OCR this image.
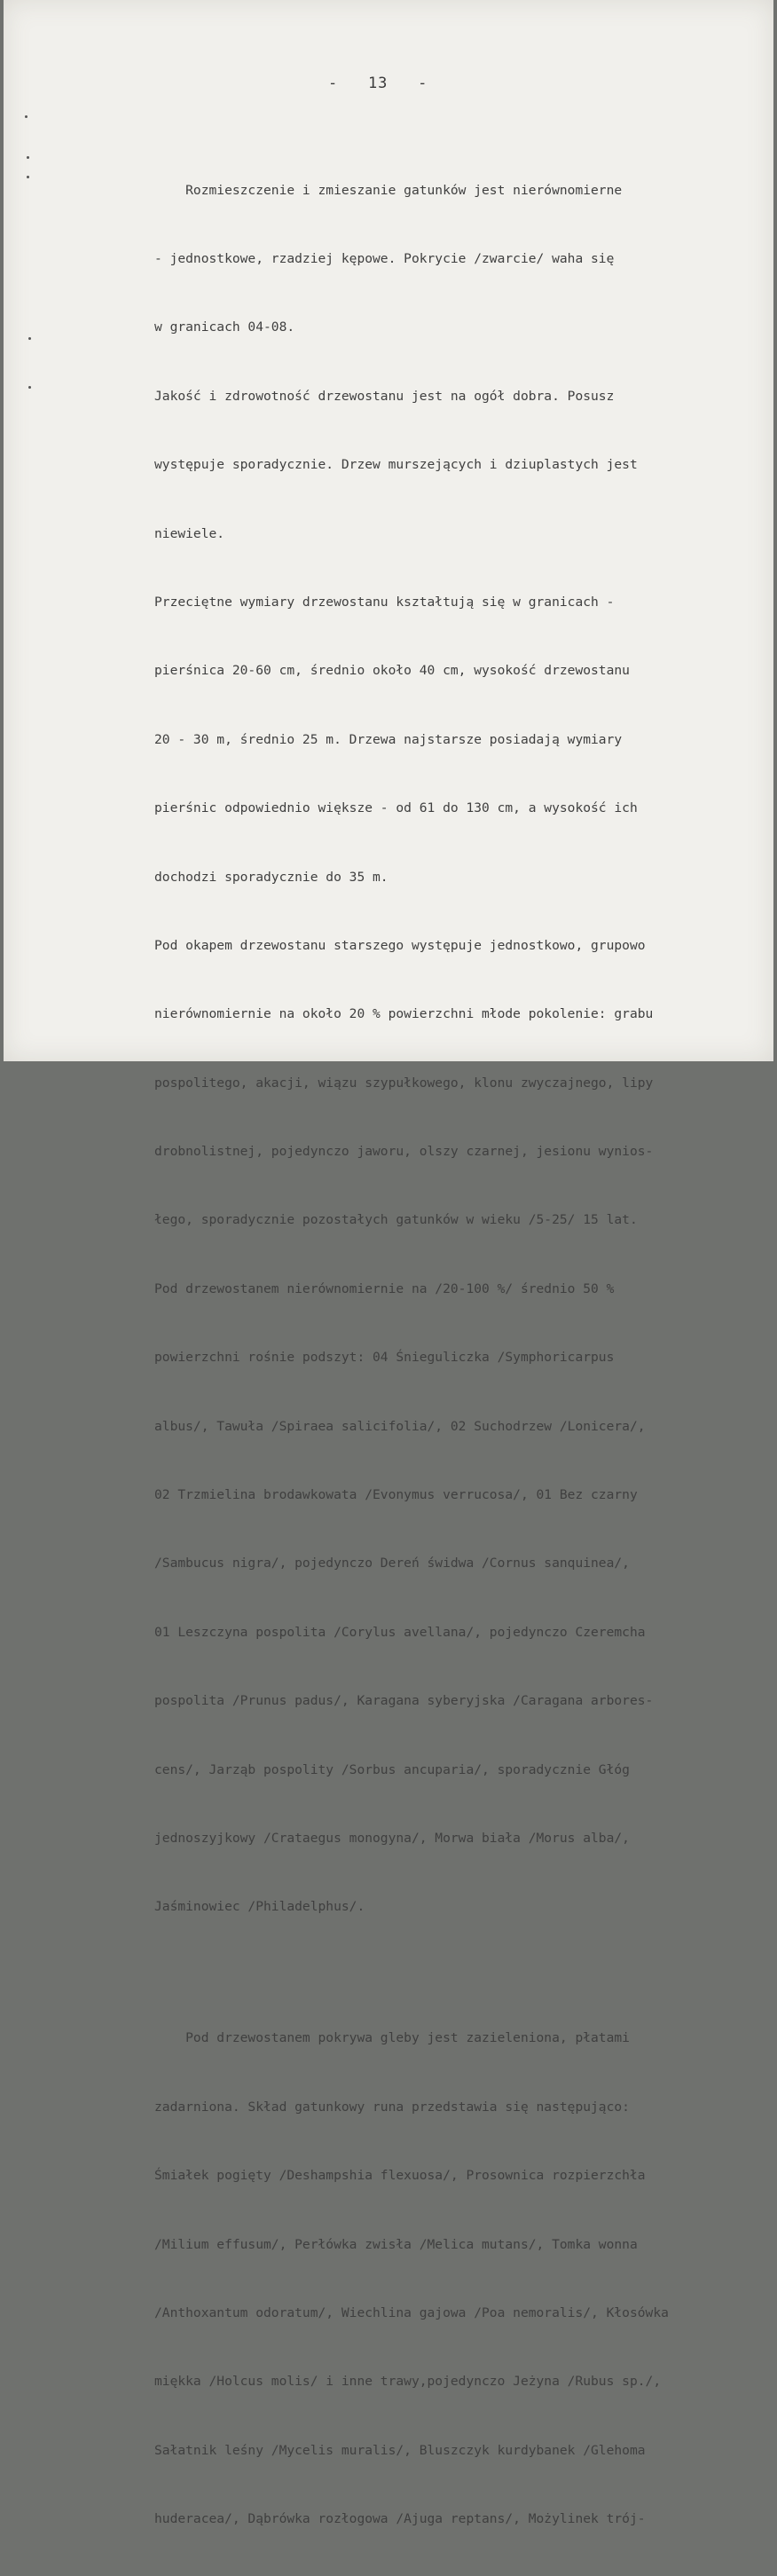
-   13   -

Rozmieszczenie i zmieszanie gatunków jest nierównomierne

- jednostkowe, rzadziej kępowe. Pokrycie /zwarcie/ waha się

w granicach 04-08.

Jakość i zdrowotność drzewostanu jest na ogół dobra. Posusz

występuje sporadycznie. Drzew murszejących i dziuplastych jest

niewiele.

Przeciętne wymiary drzewostanu kształtują się w granicach -

pierśnica 20-60 cm, średnio około 40 cm, wysokość drzewostanu

20 - 30 m, średnio 25 m. Drzewa najstarsze posiadają wymiary

pierśnic odpowiednio większe - od 61 do 130 cm, a wysokość ich

dochodzi sporadycznie do 35 m.

Pod okapem drzewostanu starszego występuje jednostkowo, grupowo

nierównomiernie na około 20 % powierzchni młode pokolenie: grabu

pospolitego, akacji, wiązu szypułkowego, klonu zwyczajnego, lipy

drobnolistnej, pojedynczo jaworu, olszy czarnej, jesionu wynios-

łego, sporadycznie pozostałych gatunków w wieku /5-25/ 15 lat.

Pod drzewostanem nierównomiernie na /20-100 %/ średnio 50 %

powierzchni rośnie podszyt: 04 Śnieguliczka /Symphoricarpus

albus/, Tawuła /Spiraea salicifolia/, 02 Suchodrzew /Lonicera/,

02 Trzmielina brodawkowata /Evonymus verrucosa/, 01 Bez czarny

/Sambucus nigra/, pojedynczo Dereń świdwa /Cornus sanquinea/,

01 Leszczyna pospolita /Corylus avellana/, pojedynczo Czeremcha

pospolita /Prunus padus/, Karagana syberyjska /Caragana arbores-

cens/, Jarząb pospolity /Sorbus ancuparia/, sporadycznie Głóg

jednoszyjkowy /Crataegus monogyna/, Morwa biała /Morus alba/,

Jaśminowiec /Philadelphus/.

Pod drzewostanem pokrywa gleby jest zazieleniona, płatami

zadarniona. Skład gatunkowy runa przedstawia się następująco:

Śmiałek pogięty /Deshampshia flexuosa/, Prosownica rozpierzchła

/Milium effusum/, Perłówka zwisła /Melica mutans/, Tomka wonna

/Anthoxantum odoratum/, Wiechlina gajowa /Poa nemoralis/, Kłosówka

miękka /Holcus molis/ i inne trawy,pojedynczo Jeżyna /Rubus sp./,

Sałatnik leśny /Mycelis muralis/, Bluszczyk kurdybanek /Glehoma

huderacea/, Dąbrówka rozłogowa /Ajuga reptans/, Możylinek trój-
